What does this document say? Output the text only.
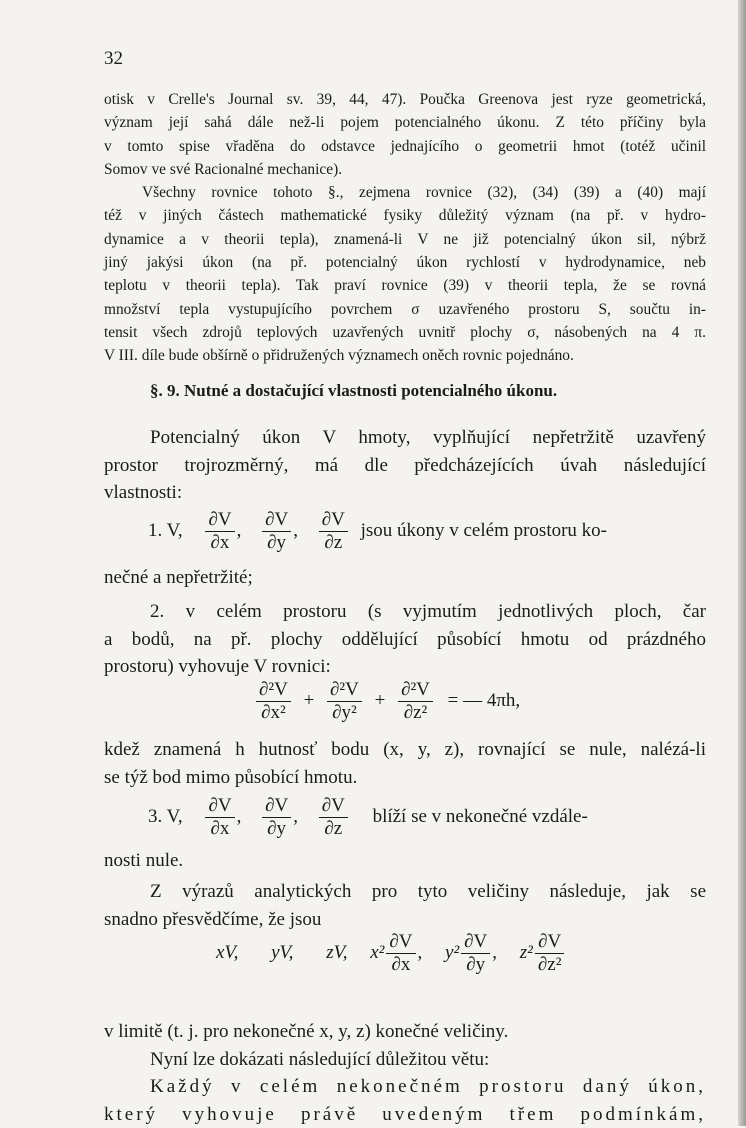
32
otisk v Crelle's Journal sv. 39, 44, 47). Poučka Greenova jest ryze geometrická,
význam její sahá dále než-li pojem potencialného úkonu. Z této příčiny byla
v tomto spise vřaděna do odstavce jednajícího o geometrii hmot (totéž učinil
Somov ve své Racionalné mechanice).
Všechny rovnice tohoto §., zejmena rovnice (32), (34) (39) a (40) mají
též v jiných částech mathematické fysiky důležitý význam (na př. v hydro-
dynamice a v theorii tepla), znamená-li V ne již potencialný úkon sil, nýbrž
jiný jakýsi úkon (na př. potencialný úkon rychlostí v hydrodynamice, neb
teplotu v theorii tepla). Tak praví rovnice (39) v theorii tepla, že se rovná
množství tepla vystupujícího povrchem σ uzavřeného prostoru S, součtu in-
tensit všech zdrojů teplových uzavřených uvnitř plochy σ, násobených na 4 π.
V III. díle bude obšírně o přidružených významech oněch rovnic pojednáno.
§. 9. Nutné a dostačující vlastnosti potencialného úkonu.
Potencialný úkon V hmoty, vyplňující nepřetržitě uzavřený
prostor trojrozměrný, má dle předcházejících úvah následující
vlastnosti:
1. V, $\frac{\partial V}{\partial x}$ , $\frac{\partial V}{\partial y}$ , $\frac{\partial V}{\partial z}$ jsou úkony v celém prostoru ko-
nečné a nepřetržité;
2. v celém prostoru (s vyjmutím jednotlivých ploch, čar
a bodů, na př. plochy oddělující působící hmotu od prázdného
prostoru) vyhovuje V rovnici:
$\frac{\text{∂²V}}{\text{∂x²}} + \frac{\text{∂²V}}{\text{∂y²}} + \frac{\text{∂²V}}{\text{∂z²}}$ = — 4πh,
kdež znamená h hutnosť bodu (x, y, z), rovnající se nule, nalézá-li
se týž bod mimo působící hmotu.
3. V, $\frac{\partial V}{\partial x}$ , $\frac{\partial V}{\partial y}$ , $\frac{\partial V}{\partial z}$ blíží se v nekonečné vzdále-
nosti nule.
Z výrazů analytických pro tyto veličiny následuje, jak se
snadno přesvědčíme, že jsou
xV, yV, zV, $x^2 \frac{\partial V}{\partial x}$ , $y^2 \frac{\partial V}{\partial y}$ , $z^2 \frac{\partial V}{\text{∂z²}}$
v limitě (t. j. pro nekonečné x, y, z) konečné veličiny.
Nyní lze dokázati následující důležitou větu:
Každý v celém nekonečném prostoru daný úkon,
který vyhovuje právě uvedeným třem podmínkám,
